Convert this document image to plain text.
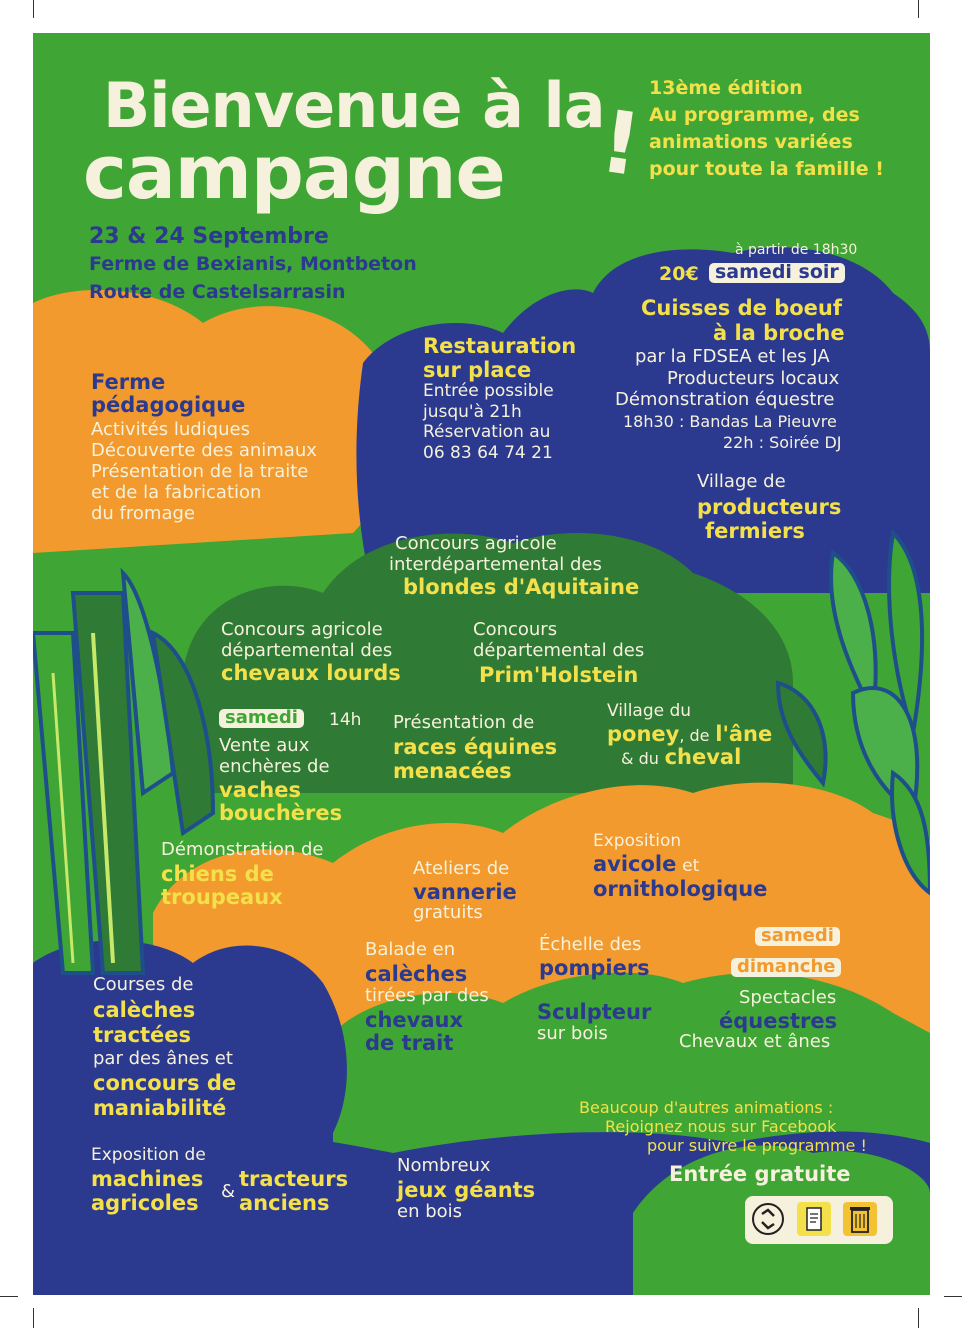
Bienvenue à la
campagne !
13ème édition
Au programme, des
animations variées
pour toute la famille !
23 & 24 Septembre
Ferme de Bexianis, Montbeton
Route de Castelsarrasin
à partir de 18h30
20€ samedi soir
Cuisses de boeuf
à la broche
par la FDSEA et les JA
Producteurs locaux
Démonstration équestre
18h30 : Bandas La Pieuvre
22h : Soirée DJ
Restauration
sur place
Entrée possible
jusqu'à 21h
Réservation au
06 83 64 74 21
Ferme
pédagogique
Activités ludiques
Découverte des animaux
Présentation de la traite
et de la fabrication
du fromage
Village de
producteurs
fermiers
Concours agricole
interdépartemental des
blondes d'Aquitaine
Concours agricole
départemental des
chevaux lourds
Concours
départemental des
Prim'Holstein
samedi	14h
Vente aux
enchères de
vaches
bouchères
Présentation de
races équines
menacées
Village du
poney, de l'âne
& du cheval
Démonstration de
chiens de
troupeaux
Ateliers de
vannerie
gratuits
Exposition
avicole et
ornithologique
Balade en
calèches
tirées par des
chevaux
de trait
Échelle des
pompiers
Sculpteur
sur bois
samedi
dimanche
Spectacles
équestres
Chevaux et ânes
Courses de
calèches
tractées
par des ânes et
concours de
maniabilité
Exposition de
machines
agricoles &
tracteurs
anciens
Nombreux
jeux géants
en bois
Beaucoup d'autres animations :
Rejoignez nous sur Facebook
pour suivre le programme !
Entrée gratuite
